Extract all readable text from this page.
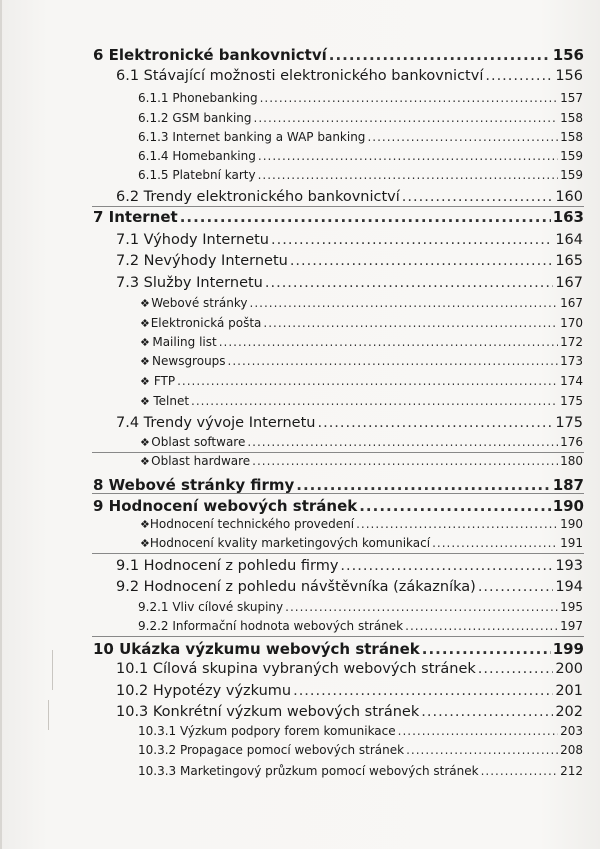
6 Elektronické bankovnictví .....	156
6.1 Stávající možnosti elektronického bankovnictví .....	156
6.1.1 Phonebanking .....	157
6.1.2 GSM banking .....	158
6.1.3 Internet banking a WAP banking .....	158
6.1.4 Homebanking .....	159
6.1.5 Platební karty .....	159
6.2 Trendy elektronického bankovnictví .....	160
7 Internet .....	163
7.1 Výhody Internetu .....	164
7.2 Nevýhody Internetu .....	165
7.3 Služby Internetu .....	167
❖ Webové stránky .....	167
❖ Elektronická pošta .....	170
❖ Mailing list .....	172
❖ Newsgroups .....	173
❖ FTP .....	174
❖ Telnet .....	175
7.4 Trendy vývoje Internetu .....	175
❖ Oblast software .....	176
❖ Oblast hardware .....	180
8 Webové stránky firmy .....	187
9 Hodnocení webových stránek .....	190
❖ Hodnocení technického provedení .....	190
❖ Hodnocení kvality marketingových komunikací .....	191
9.1 Hodnocení z pohledu firmy .....	193
9.2 Hodnocení z pohledu návštěvníka (zákazníka) .....	194
9.2.1 Vliv cílové skupiny .....	195
9.2.2 Informační hodnota webových stránek .....	197
10 Ukázka výzkumu webových stránek .....	199
10.1 Cílová skupina vybraných webových stránek .....	200
10.2 Hypotézy výzkumu .....	201
10.3 Konkrétní výzkum webových stránek .....	202
10.3.1 Výzkum podpory forem komunikace .....	203
10.3.2 Propagace pomocí webových stránek .....	208
10.3.3 Marketingový průzkum pomocí webových stránek .....	212
